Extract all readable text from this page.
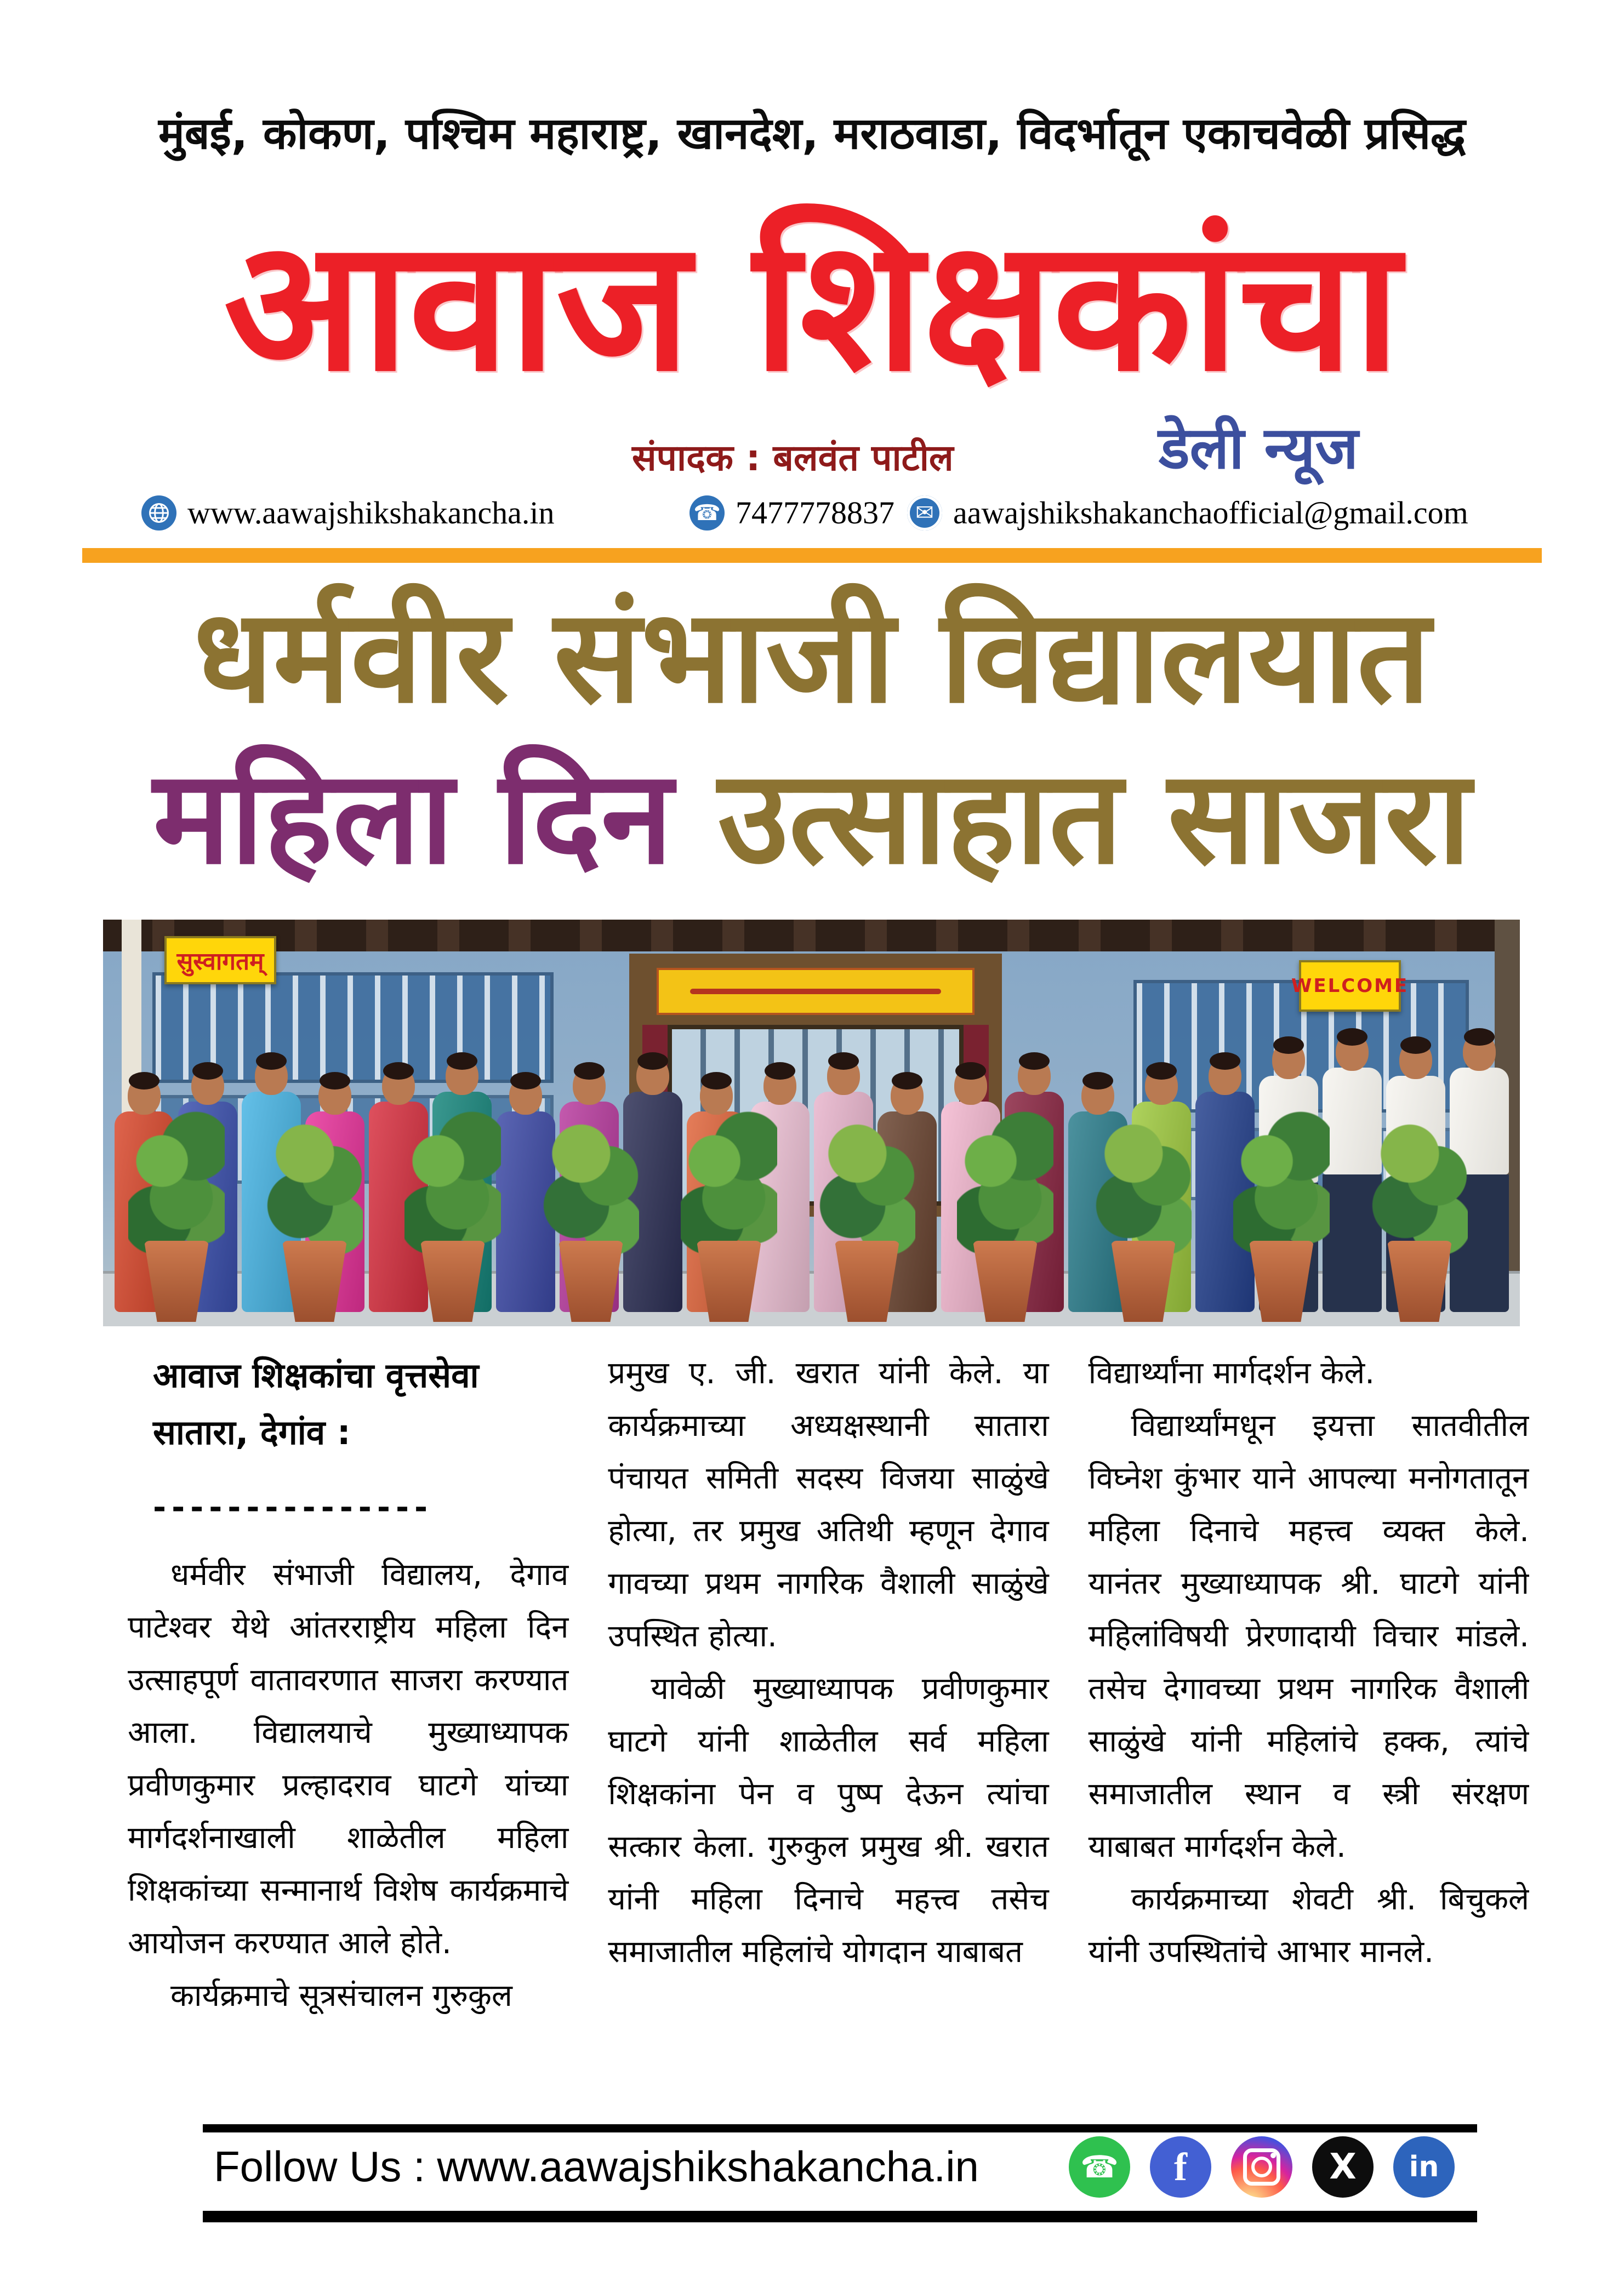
मुंबई, कोकण, पश्चिम महाराष्ट्र, खानदेश, मराठवाडा, विदर्भातून एकाचवेळी प्रसिद्ध
आवाज शिक्षकांचा
संपादक : बलवंत पाटील	डेली न्यूज
www.aawajshikshakancha.in	☎ 7477778837 ✉ aawajshikshakanchaofficial@gmail.com
धर्मवीर संभाजी विद्यालयात
महिला दिन उत्साहात साजरा
सुस्वागतम्
WELCOME
आवाज शिक्षकांचा वृत्तसेवा
सातारा, देगांव :
---------------

धर्मवीर संभाजी विद्यालय, देगाव पाटेश्वर येथे आंतरराष्ट्रीय महिला दिन उत्साहपूर्ण वातावरणात साजरा करण्यात आला. विद्यालयाचे मुख्याध्यापक प्रवीणकुमार प्रल्हादराव घाटगे यांच्या मार्गदर्शनाखाली शाळेतील महिला शिक्षकांच्या सन्मानार्थ विशेष कार्यक्रमाचे आयोजन करण्यात आले होते.

कार्यक्रमाचे सूत्रसंचालन गुरुकुल

प्रमुख ए. जी. खरात यांनी केले. या कार्यक्रमाच्या अध्यक्षस्थानी सातारा पंचायत समिती सदस्य विजया साळुंखे होत्या, तर प्रमुख अतिथी म्हणून देगाव गावच्या प्रथम नागरिक वैशाली साळुंखे उपस्थित होत्या.

यावेळी मुख्याध्यापक प्रवीणकुमार घाटगे यांनी शाळेतील सर्व महिला शिक्षकांना पेन व पुष्प देऊन त्यांचा सत्कार केला. गुरुकुल प्रमुख श्री. खरात यांनी महिला दिनाचे महत्त्व तसेच समाजातील महिलांचे योगदान याबाबत

विद्यार्थ्यांना मार्गदर्शन केले.

विद्यार्थ्यांमधून इयत्ता सातवीतील विघ्नेश कुंभार याने आपल्या मनोगतातून महिला दिनाचे महत्त्व व्यक्त केले. यानंतर मुख्याध्यापक श्री. घाटगे यांनी महिलांविषयी प्रेरणादायी विचार मांडले. तसेच देगावच्या प्रथम नागरिक वैशाली साळुंखे यांनी महिलांचे हक्क, त्यांचे समाजातील स्थान व स्त्री संरक्षण याबाबत मार्गदर्शन केले.

कार्यक्रमाच्या शेवटी श्री. बिचुकले यांनी उपस्थितांचे आभार मानले.

Follow Us : www.aawajshikshakancha.in	☎	f	X	in
